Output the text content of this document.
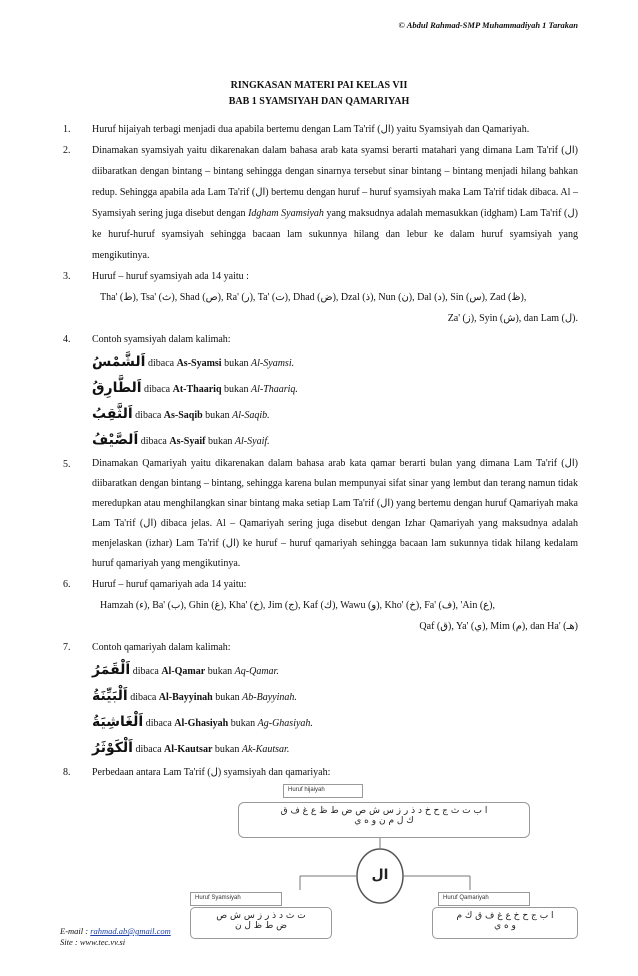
© Abdul Rahmad-SMP Muhammadiyah 1 Tarakan
RINGKASAN MATERI PAI KELAS VII
BAB 1 SYAMSIYAH DAN QAMARIYAH
1. Huruf hijaiyah terbagi menjadi dua apabila bertemu dengan Lam Ta'rif (ال) yaitu Syamsiyah dan Qamariyah.
2. Dinamakan syamsiyah yaitu dikarenakan dalam bahasa arab kata syamsi berarti matahari yang dimana Lam Ta'rif (ال) diibaratkan dengan bintang – bintang sehingga dengan sinarnya tersebut sinar bintang – bintang menjadi hilang bahkan redup. Sehingga apabila ada Lam Ta'rif (ال) bertemu dengan huruf – huruf syamsiyah maka Lam Ta'rif tidak dibaca. Al – Syamsiyah sering juga disebut dengan Idgham Syamsiyah yang maksudnya adalah memasukkan (idgham) Lam Ta'rif (ل) ke huruf-huruf syamsiyah sehingga bacaan lam sukunnya hilang dan lebur ke dalam huruf syamsiyah yang mengikutinya.
3. Huruf – huruf syamsiyah ada 14 yaitu :
Tha' (ط), Tsa' (ث), Shad (ص), Ra' (ر), Ta' (ت), Dhad (ض), Dzal (ذ), Nun (ن), Dal (د), Sin (س), Zad (ظ),
Za' (ز), Syin (ش), dan Lam (ل).
4. Contoh syamsiyah dalam kalimah:
اَلشَّمْسُ dibaca As-Syamsi bukan Al-Syamsi.
اَلطَّارِقُ dibaca At-Thaariq bukan Al-Thaariq.
اَلثَّقِبُ dibaca As-Saqib bukan Al-Saqib.
اَلصَّيْفُ dibaca As-Syaif bukan Al-Syaif.
5. Dinamakan Qamariyah yaitu dikarenakan dalam bahasa arab kata qamar berarti bulan yang dimana Lam Ta'rif (ال) diibaratkan dengan bintang – bintang, sehingga karena bulan mempunyai sifat sinar yang lembut dan terang namun tidak meredupkan atau menghilangkan sinar bintang maka setiap Lam Ta'rif (ال) yang bertemu dengan huruf Qamariyah maka Lam Ta'rif (ال) dibaca jelas. Al – Qamariyah sering juga disebut dengan Izhar Qamariyah yang maksudnya adalah menjelaskan (izhar) Lam Ta'rif (ال) ke huruf – huruf qamariyah sehingga bacaan lam sukunnya tidak hilang kedalam huruf qamariyah yang mengikutinya.
6. Huruf – huruf qamariyah ada 14 yaitu:
Hamzah (ء), Ba' (ب), Ghin (غ), Kha' (خ), Jim (ج), Kaf (ك), Wawu (و), Kho' (خ), Fa' (ف), 'Ain (ع),
Qaf (ق), Ya' (ي), Mim (م), dan Ha' (هـ)
7. Contoh qamariyah dalam kalimah:
اَلْقَمَرُ dibaca Al-Qamar bukan Aq-Qamar.
اَلْبَيِّنَةُ dibaca Al-Bayyinah bukan Ab-Bayyinah.
اَلْغَاشِيَةُ dibaca Al-Ghasiyah bukan Ag-Ghasiyah.
اَلْكَوْثَرُ dibaca Al-Kautsar bukan Ak-Kautsar.
8. Perbedaan antara Lam Ta'rif (ل) syamsiyah dan qamariyah:
Huruf hijaiyah
ا ب ت ث ج ح خ د ذ ر ز س ش ص ض ط ظ ع غ ف ق
ك ل م ن و ه ي
ال
Huruf Syamsiyah
ت ث د ذ ر ز س ش ص
ض ط ظ ل ن
Huruf Qamariyah
ا ب ج ح خ ع غ ف ق ك م
و ه ي
E-mail : rahmad.ab@gmail.com
Site : www.tec.vv.si
